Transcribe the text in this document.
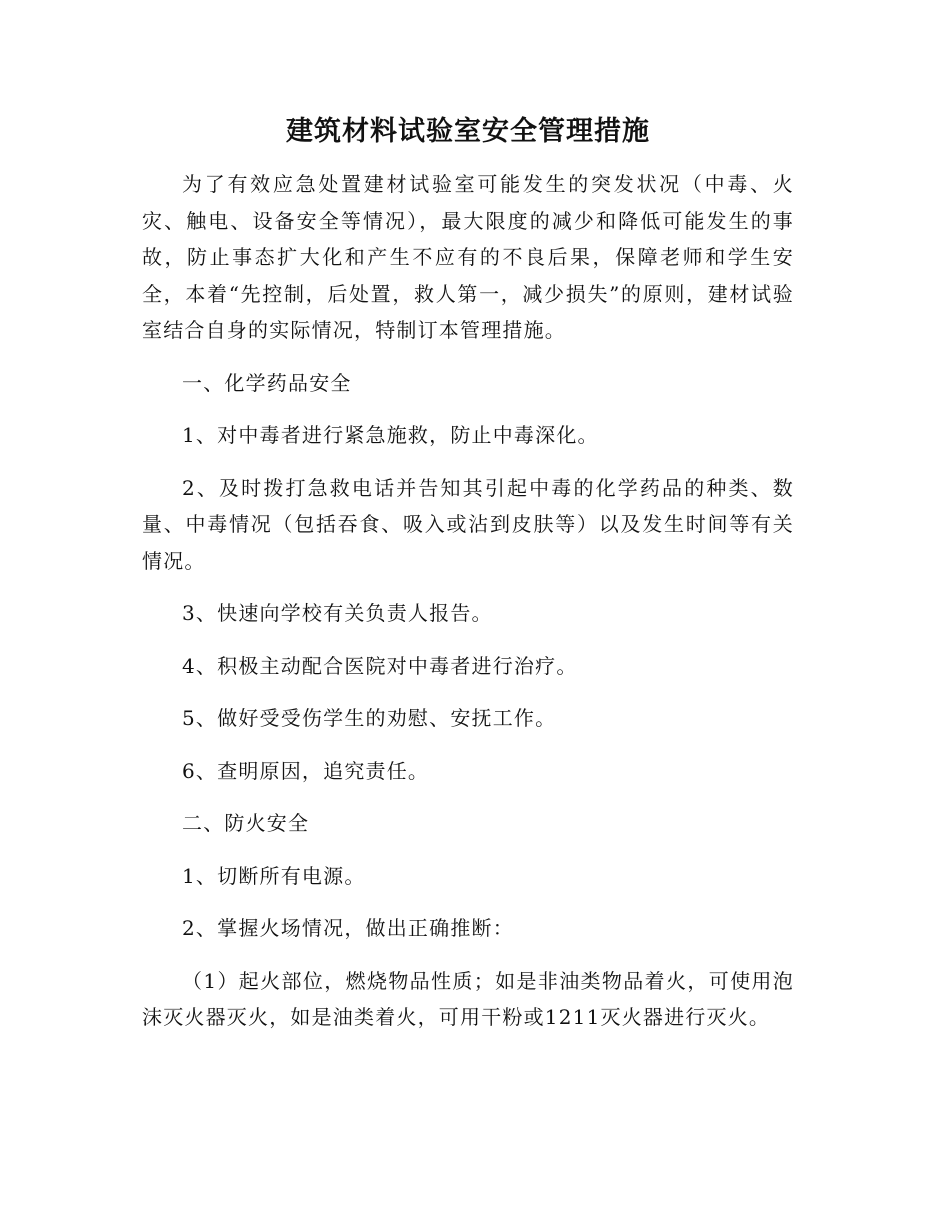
建筑材料试验室安全管理措施

为了有效应急处置建材试验室可能发生的突发状况（中毒、火灾、触电、设备安全等情况），最大限度的减少和降低可能发生的事故，防止事态扩大化和产生不应有的不良后果，保障老师和学生安全，本着“先控制，后处置，救人第一，减少损失”的原则，建材试验室结合自身的实际情况，特制订本管理措施。

一、化学药品安全

1、对中毒者进行紧急施救，防止中毒深化。

2、及时拨打急救电话并告知其引起中毒的化学药品的种类、数量、中毒情况（包括吞食、吸入或沾到皮肤等）以及发生时间等有关情况。

3、快速向学校有关负责人报告。

4、积极主动配合医院对中毒者进行治疗。

5、做好受受伤学生的劝慰、安抚工作。

6、查明原因，追究责任。

二、防火安全

1、切断所有电源。

2、掌握火场情况，做出正确推断：

（1）起火部位，燃烧物品性质；如是非油类物品着火，可使用泡沫灭火器灭火，如是油类着火，可用干粉或1211灭火器进行灭火。
